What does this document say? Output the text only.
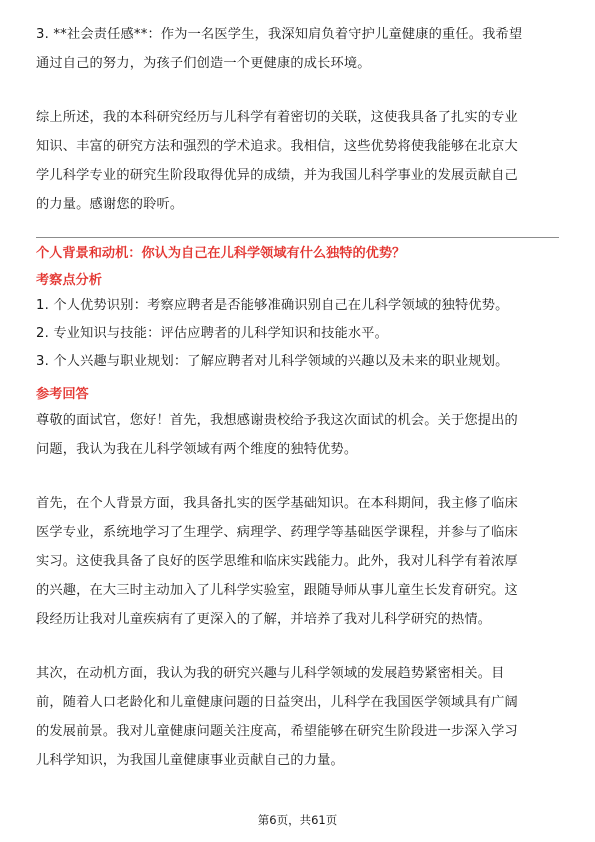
3. **社会责任感**：作为一名医学生，我深知肩负着守护儿童健康的重任。我希望

通过自己的努力，为孩子们创造一个更健康的成长环境。

综上所述，我的本科研究经历与儿科学有着密切的关联，这使我具备了扎实的专业

知识、丰富的研究方法和强烈的学术追求。我相信，这些优势将使我能够在北京大

学儿科学专业的研究生阶段取得优异的成绩，并为我国儿科学事业的发展贡献自己

的力量。感谢您的聆听。

个人背景和动机：你认为自己在儿科学领域有什么独特的优势？

考察点分析

1. 个人优势识别：考察应聘者是否能够准确识别自己在儿科学领域的独特优势。

2. 专业知识与技能：评估应聘者的儿科学知识和技能水平。

3. 个人兴趣与职业规划：了解应聘者对儿科学领域的兴趣以及未来的职业规划。

参考回答

尊敬的面试官，您好！首先，我想感谢贵校给予我这次面试的机会。关于您提出的

问题，我认为我在儿科学领域有两个维度的独特优势。

首先，在个人背景方面，我具备扎实的医学基础知识。在本科期间，我主修了临床

医学专业，系统地学习了生理学、病理学、药理学等基础医学课程，并参与了临床

实习。这使我具备了良好的医学思维和临床实践能力。此外，我对儿科学有着浓厚

的兴趣，在大三时主动加入了儿科学实验室，跟随导师从事儿童生长发育研究。这

段经历让我对儿童疾病有了更深入的了解，并培养了我对儿科学研究的热情。

其次，在动机方面，我认为我的研究兴趣与儿科学领域的发展趋势紧密相关。目

前，随着人口老龄化和儿童健康问题的日益突出，儿科学在我国医学领域具有广阔

的发展前景。我对儿童健康问题关注度高，希望能够在研究生阶段进一步深入学习

儿科学知识，为我国儿童健康事业贡献自己的力量。

第6页，共61页
